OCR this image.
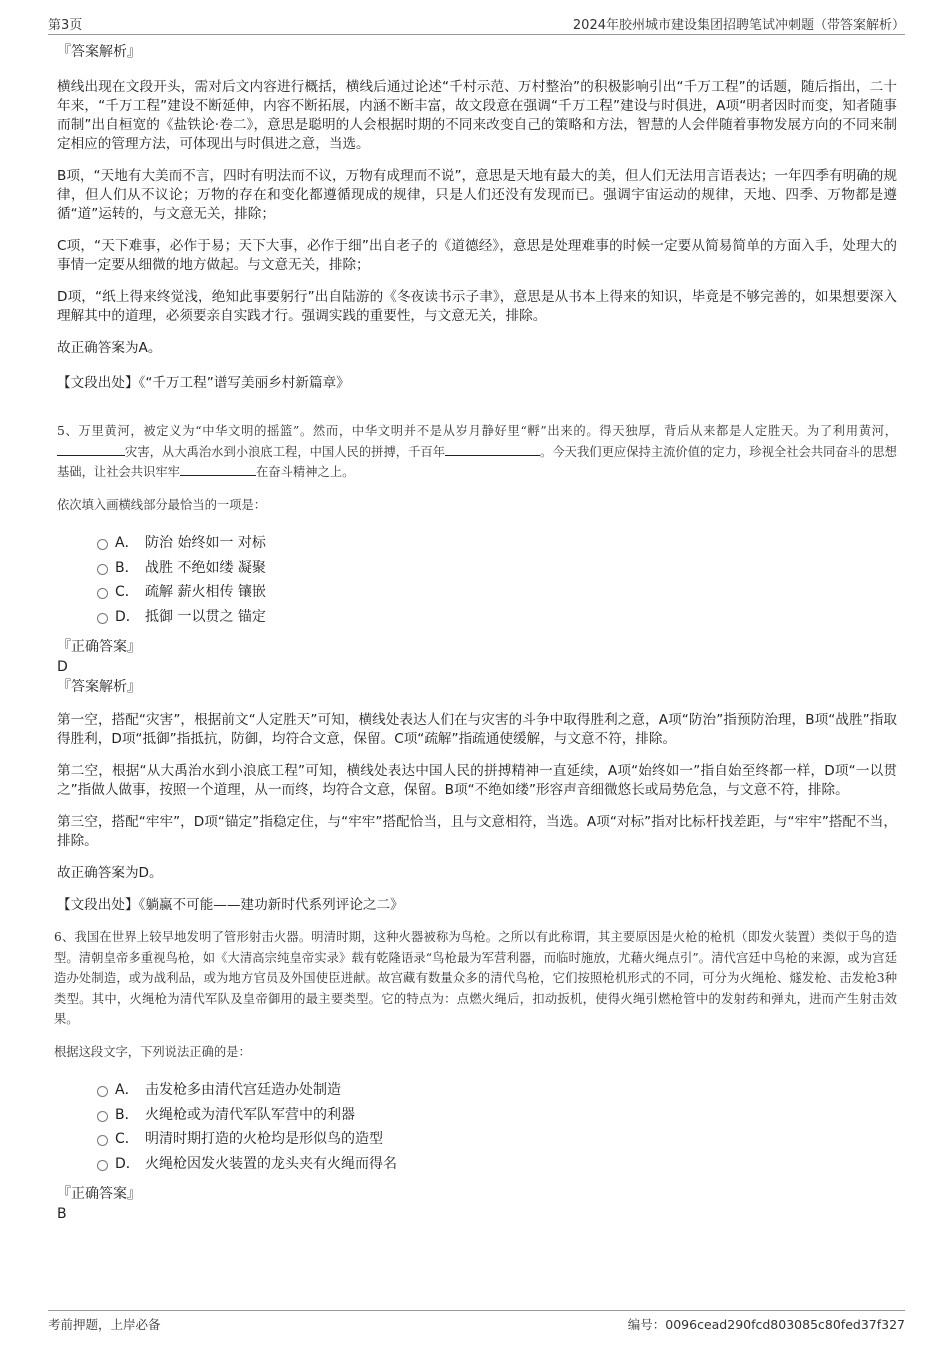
第3页	2024年胶州城市建设集团招聘笔试冲刺题（带答案解析）
『答案解析』

横线出现在文段开头，需对后文内容进行概括，横线后通过论述“千村示范、万村整治”的积极影响引出“千万工程”的话题，随后指出，二十年来，“千万工程”建设不断延伸，内容不断拓展，内涵不断丰富，故文段意在强调“千万工程”建设与时俱进，A项“明者因时而变，知者随事而制”出自桓宽的《盐铁论·卷二》，意思是聪明的人会根据时期的不同来改变自己的策略和方法，智慧的人会伴随着事物发展方向的不同来制定相应的管理方法，可体现出与时俱进之意，当选。

B项，“天地有大美而不言，四时有明法而不议，万物有成理而不说”，意思是天地有最大的美，但人们无法用言语表达；一年四季有明确的规律，但人们从不议论；万物的存在和变化都遵循现成的规律，只是人们还没有发现而已。强调宇宙运动的规律，天地、四季、万物都是遵循“道”运转的，与文意无关，排除；

C项，“天下难事，必作于易；天下大事，必作于细”出自老子的《道德经》，意思是处理难事的时候一定要从简易简单的方面入手，处理大的事情一定要从细微的地方做起。与文意无关，排除；

D项，“纸上得来终觉浅，绝知此事要躬行”出自陆游的《冬夜读书示子聿》，意思是从书本上得来的知识，毕竟是不够完善的，如果想要深入理解其中的道理，必须要亲自实践才行。强调实践的重要性，与文意无关，排除。

故正确答案为A。

【文段出处】《“千万工程”谱写美丽乡村新篇章》

5、万里黄河，被定义为“中华文明的摇篮”。然而，中华文明并不是从岁月静好里“孵”出来的。得天独厚，背后从来都是人定胜天。为了利用黄河，灾害，从大禹治水到小浪底工程，中国人民的拼搏，千百年	。今天我们更应保持主流价值的定力，珍视全社会共同奋斗的思想基础，让社会共识牢牢	在奋斗精神之上。

依次填入画横线部分最恰当的一项是：

A． 防治 始终如一 对标
B． 战胜 不绝如缕 凝聚
C． 疏解 薪火相传 镶嵌
D． 抵御 一以贯之 锚定
『正确答案』
D
『答案解析』

第一空，搭配“灾害”，根据前文“人定胜天”可知，横线处表达人们在与灾害的斗争中取得胜利之意，A项“防治”指预防治理，B项“战胜”指取得胜利，D项“抵御”指抵抗，防御，均符合文意，保留。C项“疏解”指疏通使缓解，与文意不符，排除。

第二空，根据“从大禹治水到小浪底工程”可知，横线处表达中国人民的拼搏精神一直延续，A项“始终如一”指自始至终都一样，D项“一以贯之”指做人做事，按照一个道理，从一而终，均符合文意，保留。B项“不绝如缕”形容声音细微悠长或局势危急，与文意不符，排除。

第三空，搭配“牢牢”，D项“锚定”指稳定住，与“牢牢”搭配恰当，且与文意相符，当选。A项“对标”指对比标杆找差距，与“牢牢”搭配不当，排除。

故正确答案为D。

【文段出处】《躺赢不可能——建功新时代系列评论之二》

6、我国在世界上较早地发明了管形射击火器。明清时期，这种火器被称为鸟枪。之所以有此称谓，其主要原因是火枪的枪机（即发火装置）类似于鸟的造型。清朝皇帝多重视鸟枪，如《大清高宗纯皇帝实录》载有乾隆语录“鸟枪最为军营利器，而临时施放，尤藉火绳点引”。清代宫廷中鸟枪的来源，或为宫廷造办处制造，或为战利品，或为地方官员及外国使臣进献。故宫藏有数量众多的清代鸟枪，它们按照枪机形式的不同，可分为火绳枪、燧发枪、击发枪3种类型。其中，火绳枪为清代军队及皇帝御用的最主要类型。它的特点为：点燃火绳后，扣动扳机，使得火绳引燃枪管中的发射药和弹丸，进而产生射击效果。

根据这段文字，下列说法正确的是：

A． 击发枪多由清代宫廷造办处制造
B． 火绳枪或为清代军队军营中的利器
C． 明清时期打造的火枪均是形似鸟的造型
D． 火绳枪因发火装置的龙头夹有火绳而得名
『正确答案』
B
考前押题，上岸必备	编号：0096cead290fcd803085c80fed37f327
